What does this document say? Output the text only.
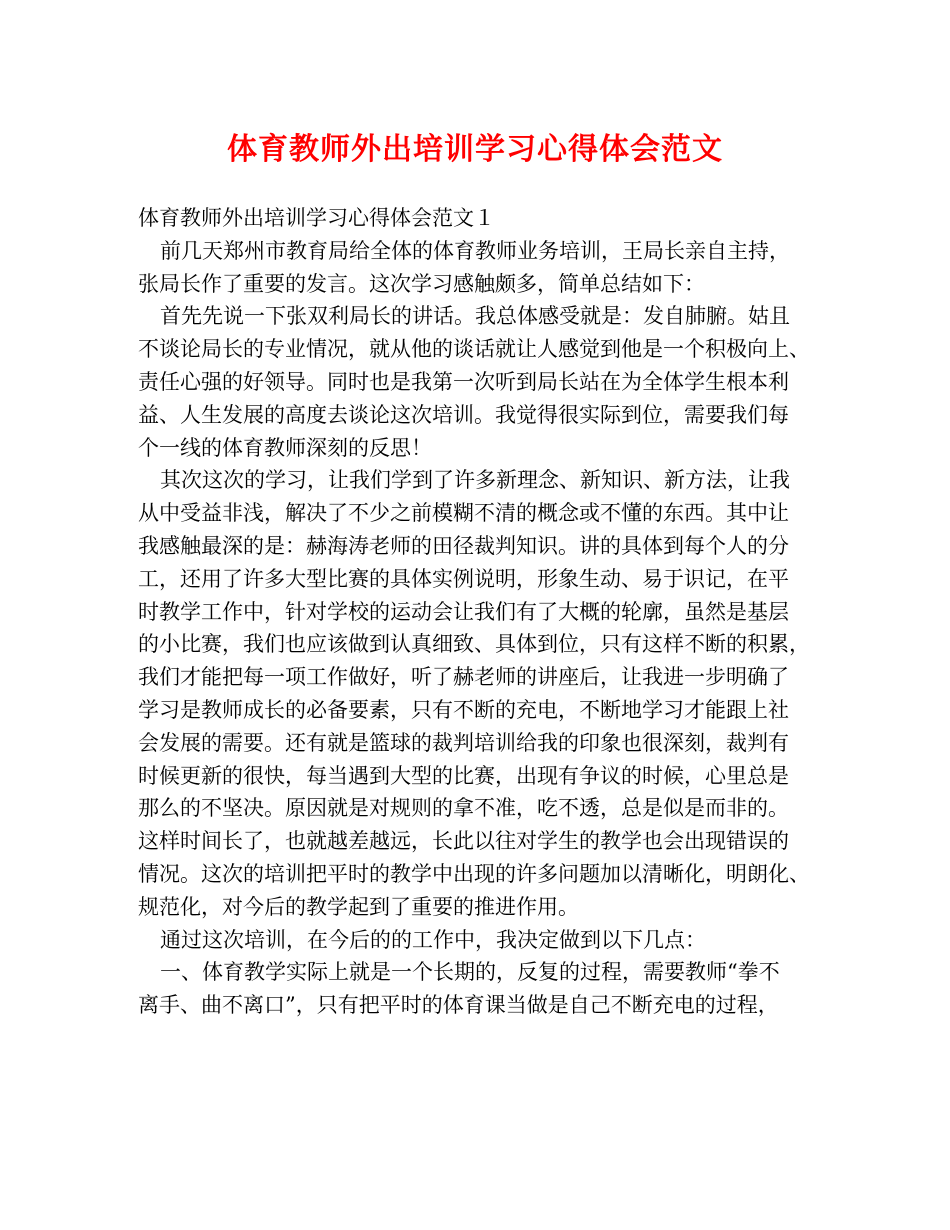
体育教师外出培训学习心得体会范文
体育教师外出培训学习心得体会范文１
前几天郑州市教育局给全体的体育教师业务培训，王局长亲自主持，
张局长作了重要的发言。这次学习感触颇多，简单总结如下：
首先先说一下张双利局长的讲话。我总体感受就是：发自肺腑。姑且
不谈论局长的专业情况，就从他的谈话就让人感觉到他是一个积极向上、
责任心强的好领导。同时也是我第一次听到局长站在为全体学生根本利
益、人生发展的高度去谈论这次培训。我觉得很实际到位，需要我们每
个一线的体育教师深刻的反思！
其次这次的学习，让我们学到了许多新理念、新知识、新方法，让我
从中受益非浅，解决了不少之前模糊不清的概念或不懂的东西。其中让
我感触最深的是：赫海涛老师的田径裁判知识。讲的具体到每个人的分
工，还用了许多大型比赛的具体实例说明，形象生动、易于识记，在平
时教学工作中，针对学校的运动会让我们有了大概的轮廓，虽然是基层
的小比赛，我们也应该做到认真细致、具体到位，只有这样不断的积累，
我们才能把每一项工作做好，听了赫老师的讲座后，让我进一步明确了
学习是教师成长的必备要素，只有不断的充电，不断地学习才能跟上社
会发展的需要。还有就是篮球的裁判培训给我的印象也很深刻，裁判有
时候更新的很快，每当遇到大型的比赛，出现有争议的时候，心里总是
那么的不坚决。原因就是对规则的拿不准，吃不透，总是似是而非的。
这样时间长了，也就越差越远，长此以往对学生的教学也会出现错误的
情况。这次的培训把平时的教学中出现的许多问题加以清晰化，明朗化、
规范化，对今后的教学起到了重要的推进作用。
通过这次培训，在今后的的工作中，我决定做到以下几点：
一、体育教学实际上就是一个长期的，反复的过程，需要教师“拳不
离手、曲不离口”，只有把平时的体育课当做是自己不断充电的过程，
